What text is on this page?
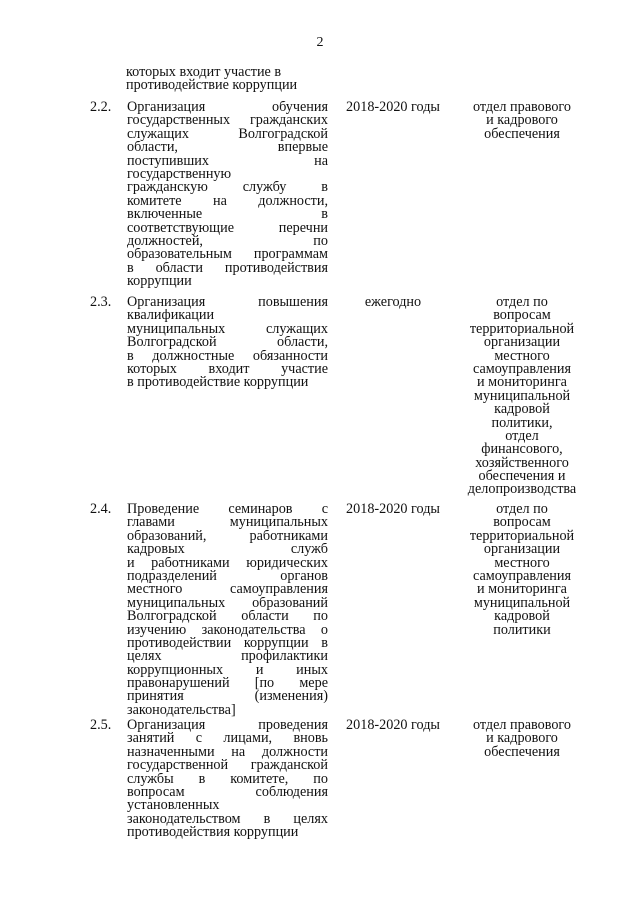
2
которых входит участие в
противодействие коррупции
2.2.	Организация обучения
государственных гражданских
служащих Волгоградской
области, впервые
поступивших на
государственную
гражданскую службу в
комитете на должности,
включенные в
соответствующие перечни
должностей, по
образовательным программам
в области противодействия
коррупции
2018-2020 годы	отдел правового
и кадрового
обеспечения
2.3.	Организация повышения
квалификации
муниципальных служащих
Волгоградской области,
в должностные обязанности
которых входит участие
в противодействие коррупции
ежегодно	отдел по
вопросам
территориальной
организации
местного
самоуправления
и мониторинга
муниципальной
кадровой
политики,
отдел
финансового,
хозяйственного
обеспечения и
делопроизводства
2.4.	Проведение семинаров с
главами муниципальных
образований, работниками
кадровых служб
и работниками юридических
подразделений органов
местного самоуправления
муниципальных образований
Волгоградской области по
изучению законодательства о
противодействии коррупции в
целях профилактики
коррупционных и иных
правонарушений [по мере
принятия (изменения)
законодательства]
2018-2020 годы	отдел по
вопросам
территориальной
организации
местного
самоуправления
и мониторинга
муниципальной
кадровой
политики
2.5.	Организация проведения
занятий с лицами, вновь
назначенными на должности
государственной гражданской
службы в комитете, по
вопросам соблюдения
установленных
законодательством в целях
противодействия коррупции
2018-2020 годы	отдел правового
и кадрового
обеспечения
